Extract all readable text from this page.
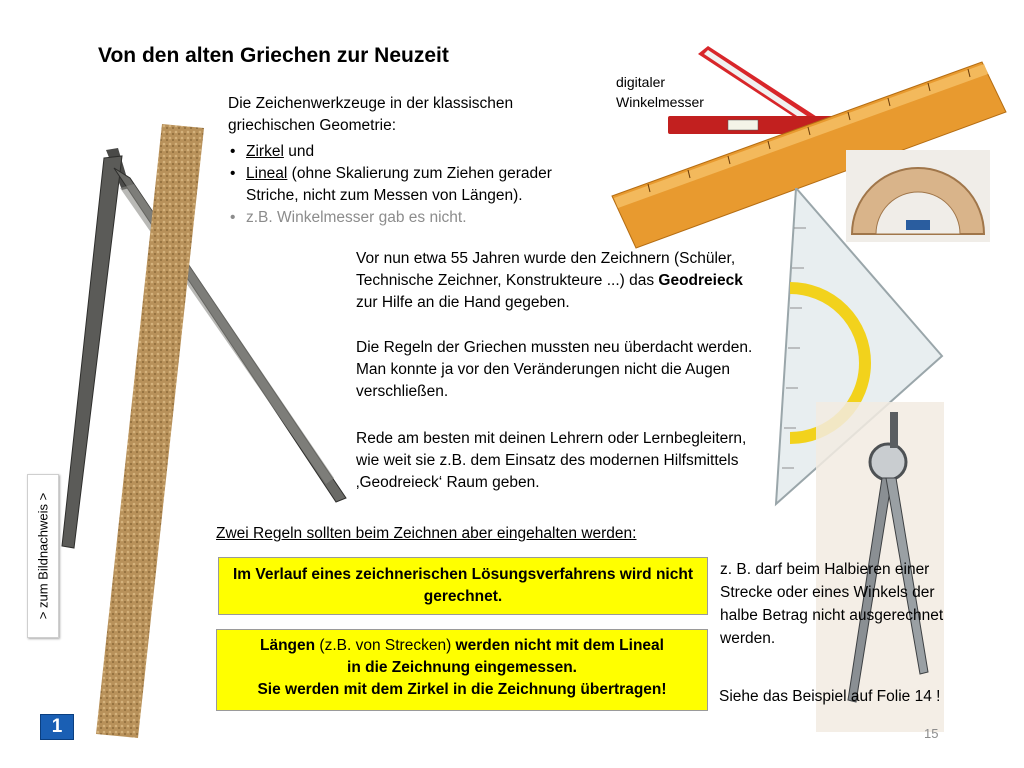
> zum Bildnachweis >
Von den alten Griechen zur Neuzeit
digitaler
Winkelmesser
Die Zeichenwerkzeuge in der klassischen
griechischen Geometrie:
• Zirkel und
• Lineal (ohne Skalierung zum Ziehen gerader Striche, nicht zum Messen von Längen).
• z.B. Winkelmesser gab es nicht.
Vor nun etwa 55 Jahren wurde den Zeichnern (Schüler, Technische Zeichner, Konstrukteure ...) das Geodreieck zur Hilfe an die Hand gegeben.
Die Regeln der Griechen mussten neu überdacht werden. Man konnte ja vor den Veränderungen nicht die Augen verschließen.
Rede am besten mit deinen Lehrern oder Lernbegleitern, wie weit sie z.B. dem Einsatz des modernen Hilfsmittels ‚Geodreieck‘ Raum geben.
Zwei Regeln sollten beim Zeichnen aber eingehalten werden:
Im Verlauf eines zeichnerischen Lösungsverfahrens wird nicht gerechnet.
Längen (z.B. von Strecken) werden nicht mit dem Lineal
in die Zeichnung eingemessen.
Sie werden mit dem Zirkel in die Zeichnung übertragen!
z. B. darf beim Halbieren einer Strecke oder eines Winkels der halbe Betrag nicht ausgerechnet werden.
Siehe das Beispiel auf Folie 14 !
1	15
